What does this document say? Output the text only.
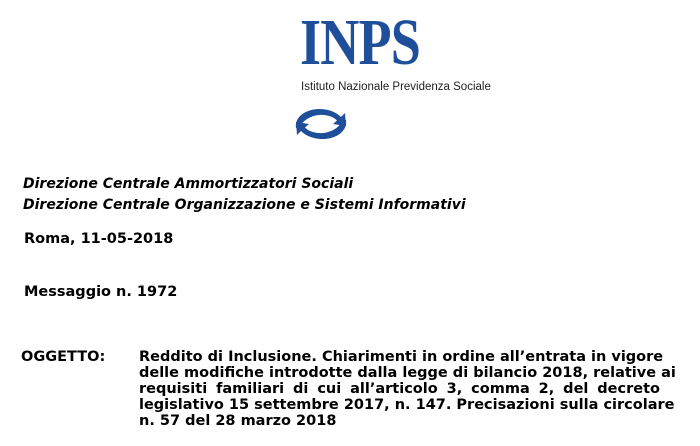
INPS
Istituto Nazionale Previdenza Sociale
Direzione Centrale Ammortizzatori Sociali
Direzione Centrale Organizzazione e Sistemi Informativi
Roma, 11-05-2018
Messaggio n. 1972
OGGETTO: Reddito di Inclusione. Chiarimenti in ordine all’entrata in vigore
delle modifiche introdotte dalla legge di bilancio 2018, relative ai
requisiti familiari di cui all’articolo 3, comma 2, del decreto
legislativo 15 settembre 2017, n. 147. Precisazioni sulla circolare
n. 57 del 28 marzo 2018
